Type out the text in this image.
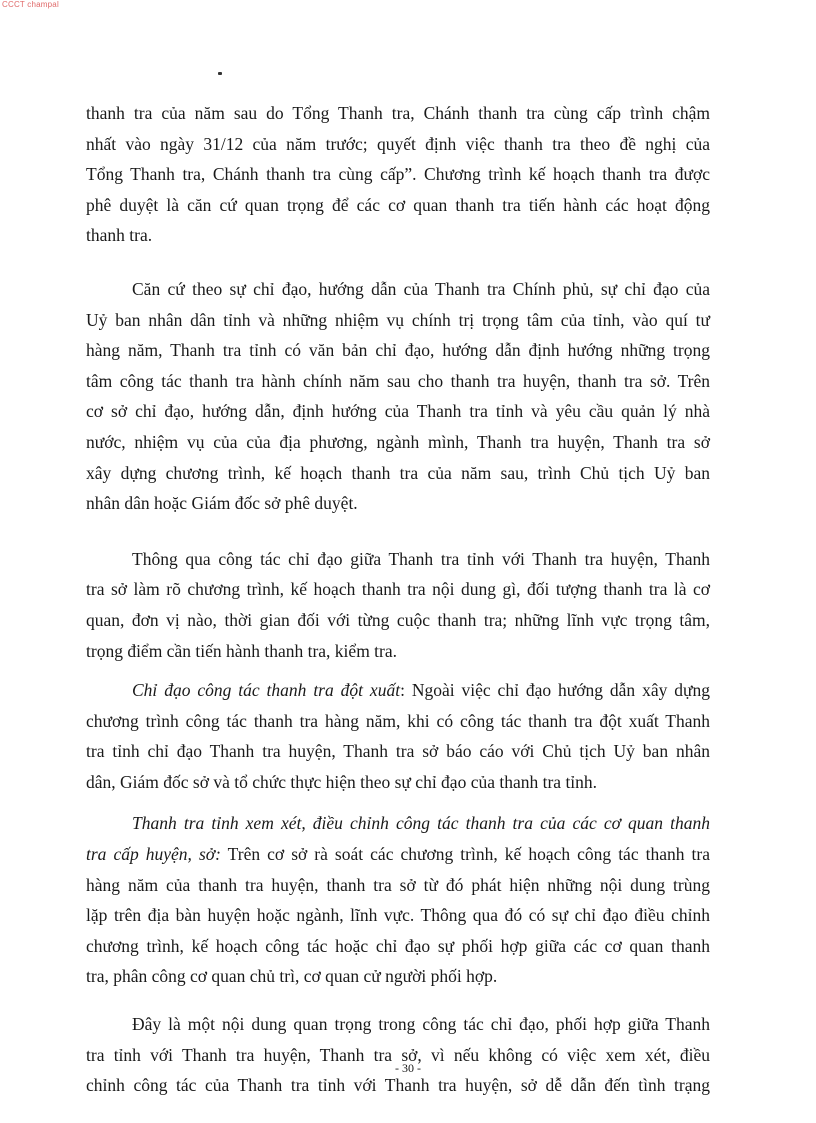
CCCT champal
thanh tra của năm sau do Tổng Thanh tra, Chánh thanh tra cùng cấp trình chậm
nhất vào ngày 31/12 của năm trước; quyết định việc thanh tra theo đề nghị của
Tổng Thanh tra, Chánh thanh tra cùng cấp”. Chương trình kế hoạch thanh tra được
phê duyệt là căn cứ quan trọng để các cơ quan thanh tra tiến hành các hoạt động
thanh tra.
Căn cứ theo sự chỉ đạo, hướng dẫn của Thanh tra Chính phủ, sự chỉ đạo của
Uỷ ban nhân dân tỉnh và những nhiệm vụ chính trị trọng tâm của tỉnh, vào quí tư
hàng năm, Thanh tra tỉnh có văn bản chỉ đạo, hướng dẫn định hướng những trọng
tâm công tác thanh tra hành chính năm sau cho thanh tra huyện, thanh tra sở. Trên
cơ sở chỉ đạo, hướng dẫn, định hướng của Thanh tra tỉnh và yêu cầu quản lý nhà
nước, nhiệm vụ của của địa phương, ngành mình, Thanh tra huyện, Thanh tra sở
xây dựng chương trình, kế hoạch thanh tra của năm sau, trình Chủ tịch Uỷ ban
nhân dân hoặc Giám đốc sở phê duyệt.
Thông qua công tác chỉ đạo giữa Thanh tra tỉnh với Thanh tra huyện, Thanh
tra sở làm rõ chương trình, kế hoạch thanh tra nội dung gì, đối tượng thanh tra là cơ
quan, đơn vị nào, thời gian đối với từng cuộc thanh tra; những lĩnh vực trọng tâm,
trọng điểm cần tiến hành thanh tra, kiểm tra.
Chỉ đạo công tác thanh tra đột xuất: Ngoài việc chỉ đạo hướng dẫn xây dựng
chương trình công tác thanh tra hàng năm, khi có công tác thanh tra đột xuất Thanh
tra tỉnh chỉ đạo Thanh tra huyện, Thanh tra sở báo cáo với Chủ tịch Uỷ ban nhân
dân, Giám đốc sở và tổ chức thực hiện theo sự chỉ đạo của thanh tra tỉnh.
Thanh tra tỉnh xem xét, điều chỉnh công tác thanh tra của các cơ quan thanh
tra cấp huyện, sở: Trên cơ sở rà soát các chương trình, kế hoạch công tác thanh tra
hàng năm của thanh tra huyện, thanh tra sở từ đó phát hiện những nội dung trùng
lặp trên địa bàn huyện hoặc ngành, lĩnh vực. Thông qua đó có sự chỉ đạo điều chỉnh
chương trình, kế hoạch công tác hoặc chỉ đạo sự phối hợp giữa các cơ quan thanh
tra, phân công cơ quan chủ trì, cơ quan cử người phối hợp.
Đây là một nội dung quan trọng trong công tác chỉ đạo, phối hợp giữa Thanh
tra tỉnh với Thanh tra huyện, Thanh tra sở, vì nếu không có việc xem xét, điều
chỉnh công tác của Thanh tra tỉnh với Thanh tra huyện, sở dễ dẫn đến tình trạng
- 30 -
